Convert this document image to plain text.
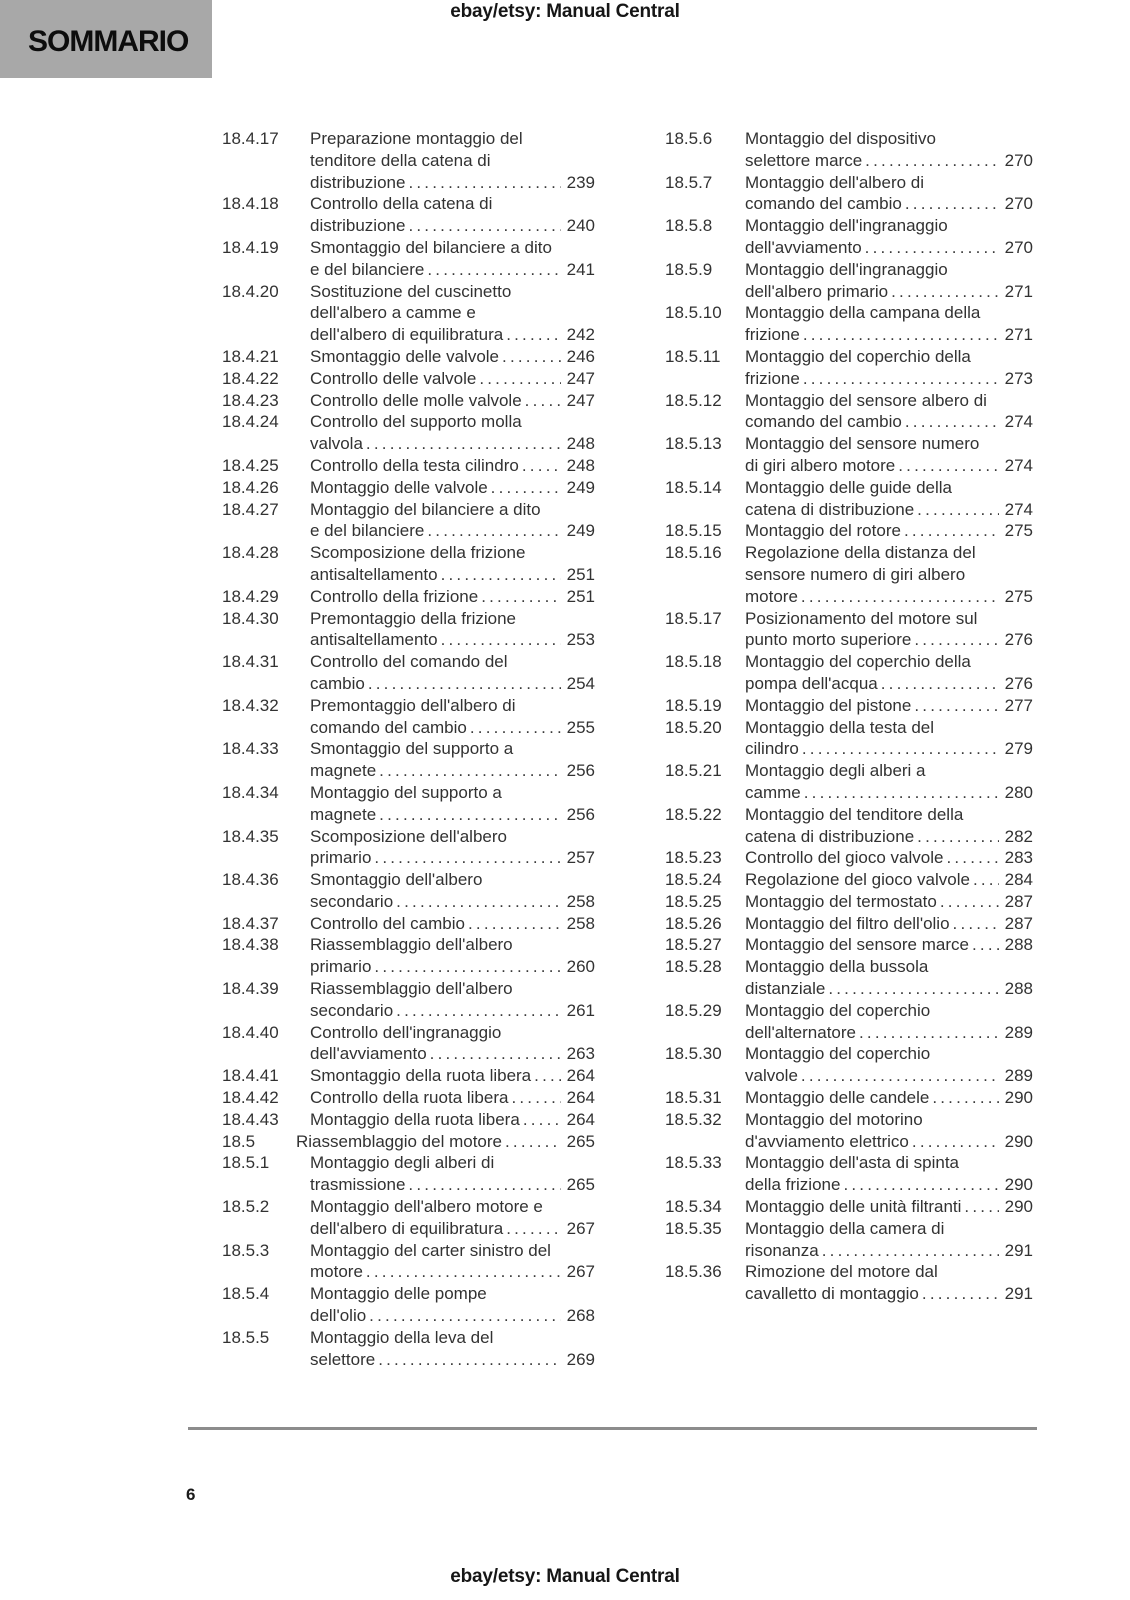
ebay/etsy: Manual Central
SOMMARIO
18.4.17	Preparazione montaggio del
tenditore della catena di
distribuzione .....	239
18.4.18	Controllo della catena di
distribuzione .....	240
18.4.19	Smontaggio del bilanciere a dito
e del bilanciere .....	241
18.4.20	Sostituzione del cuscinetto
dell'albero a camme e
dell'albero di equilibratura .....	242
18.4.21	Smontaggio delle valvole .....	246
18.4.22	Controllo delle valvole .....	247
18.4.23	Controllo delle molle valvole .....	247
18.4.24	Controllo del supporto molla
valvola .....	248
18.4.25	Controllo della testa cilindro .....	248
18.4.26	Montaggio delle valvole .....	249
18.4.27	Montaggio del bilanciere a dito
e del bilanciere .....	249
18.4.28	Scomposizione della frizione
antisaltellamento .....	251
18.4.29	Controllo della frizione .....	251
18.4.30	Premontaggio della frizione
antisaltellamento .....	253
18.4.31	Controllo del comando del
cambio .....	254
18.4.32	Premontaggio dell'albero di
comando del cambio .....	255
18.4.33	Smontaggio del supporto a
magnete .....	256
18.4.34	Montaggio del supporto a
magnete .....	256
18.4.35	Scomposizione dell'albero
primario .....	257
18.4.36	Smontaggio dell'albero
secondario .....	258
18.4.37	Controllo del cambio .....	258
18.4.38	Riassemblaggio dell'albero
primario .....	260
18.4.39	Riassemblaggio dell'albero
secondario .....	261
18.4.40	Controllo dell'ingranaggio
dell'avviamento .....	263
18.4.41	Smontaggio della ruota libera ..... 264
18.4.42	Controllo della ruota libera .....	264
18.4.43	Montaggio della ruota libera .....	264
18.5	Riassemblaggio del motore .....	265
18.5.1	Montaggio degli alberi di
trasmissione .....	265
18.5.2	Montaggio dell'albero motore e
dell'albero di equilibratura .....	267
18.5.3	Montaggio del carter sinistro del
motore .....	267
18.5.4	Montaggio delle pompe
dell'olio .....	268
18.5.5	Montaggio della leva del
selettore .....	269
18.5.6	Montaggio del dispositivo
selettore marce .....	270
18.5.7	Montaggio dell'albero di
comando del cambio .....	270
18.5.8	Montaggio dell'ingranaggio
dell'avviamento .....	270
18.5.9	Montaggio dell'ingranaggio
dell'albero primario .....	271
18.5.10	Montaggio della campana della
frizione .....	271
18.5.11	Montaggio del coperchio della
frizione .....	273
18.5.12	Montaggio del sensore albero di
comando del cambio .....	274
18.5.13	Montaggio del sensore numero
di giri albero motore .....	274
18.5.14	Montaggio delle guide della
catena di distribuzione .....	274
18.5.15	Montaggio del rotore .....	275
18.5.16	Regolazione della distanza del
sensore numero di giri albero
motore .....	275
18.5.17	Posizionamento del motore sul
punto morto superiore .....	276
18.5.18	Montaggio del coperchio della
pompa dell'acqua .....	276
18.5.19	Montaggio del pistone .....	277
18.5.20	Montaggio della testa del
cilindro .....	279
18.5.21	Montaggio degli alberi a
camme .....	280
18.5.22	Montaggio del tenditore della
catena di distribuzione .....	282
18.5.23	Controllo del gioco valvole .....	283
18.5.24	Regolazione del gioco valvole ..... 284
18.5.25	Montaggio del termostato .....	287
18.5.26	Montaggio del filtro dell'olio .....	287
18.5.27	Montaggio del sensore marce ..... 288
18.5.28	Montaggio della bussola
distanziale .....	288
18.5.29	Montaggio del coperchio
dell'alternatore .....	289
18.5.30	Montaggio del coperchio
valvole .....	289
18.5.31	Montaggio delle candele .....	290
18.5.32	Montaggio del motorino
d'avviamento elettrico .....	290
18.5.33	Montaggio dell'asta di spinta
della frizione .....	290
18.5.34	Montaggio delle unità filtranti .....	290
18.5.35	Montaggio della camera di
risonanza .....	291
18.5.36	Rimozione del motore dal
cavalletto di montaggio .....	291
6
ebay/etsy: Manual Central
